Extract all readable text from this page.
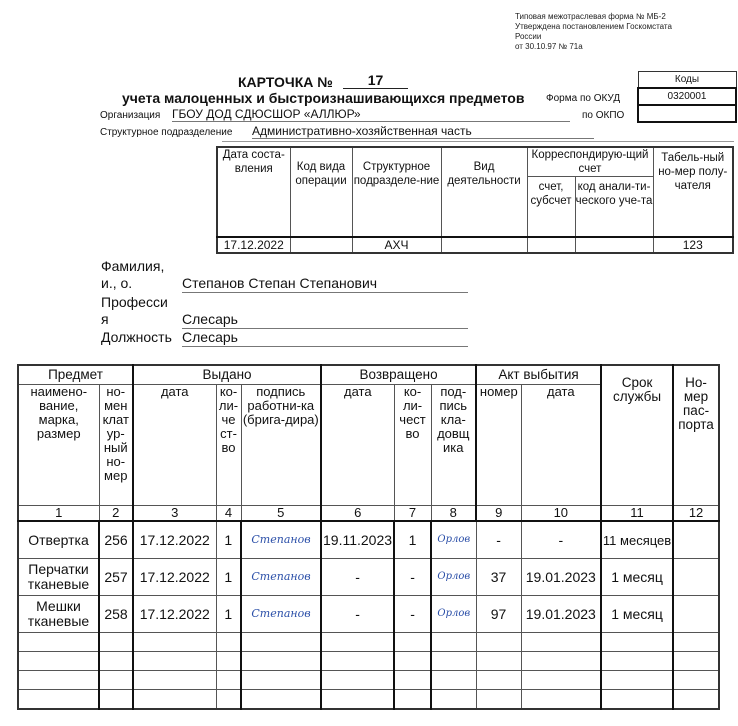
Типовая межотраслевая форма № МБ-2
Утверждена постановлением Госкомстата
России
от 30.10.97 № 71а
КАРТОЧКА №	17
учета малоценных и быстроизнашивающихся предметов Форма по ОКУД
по ОКПО
Коды
0320001

Организация ГБОУ ДОД СДЮСШОР «АЛЛЮР»
Структурное подразделение Административно-хозяйственная часть
Дата соста-вления	Код вида операции	Структурное подразделе-ние	Вид деятельности	Корреспондирую-щий счет		Табель-ный но-мер полу-чателя
				счет, субсчет	код анали-ти-ческого уче-та	
17.12.2022		АХЧ				123
Фамилия,
и., о.	Степанов Степан Степанович
Професси
я	Слесарь
Должность Слесарь
Предмет		Выдано			Возвращено			Акт выбытия		Срок службы	Но-мер пас-порта
наимено-вание, марка, размер	но-мен клат ур-ный но-мер	дата	ко-ли-че ст-во	подпись работни-ка (брига-дира)	дата	ко-ли-чест во	под-пись кла-довщ ика	номер	дата		
1	2	3	4	5	6	7	8	9	10	11	12
Отвертка	256	17.12.2022	1	Степанов	19.11.2023	1	Орлов	-	-	11 месяцев	
Перчатки тканевые	257	17.12.2022	1	Степанов	-	-	Орлов	37	19.01.2023	1 месяц	
Мешки тканевые	258	17.12.2022	1	Степанов	-	-	Орлов	97	19.01.2023	1 месяц	
